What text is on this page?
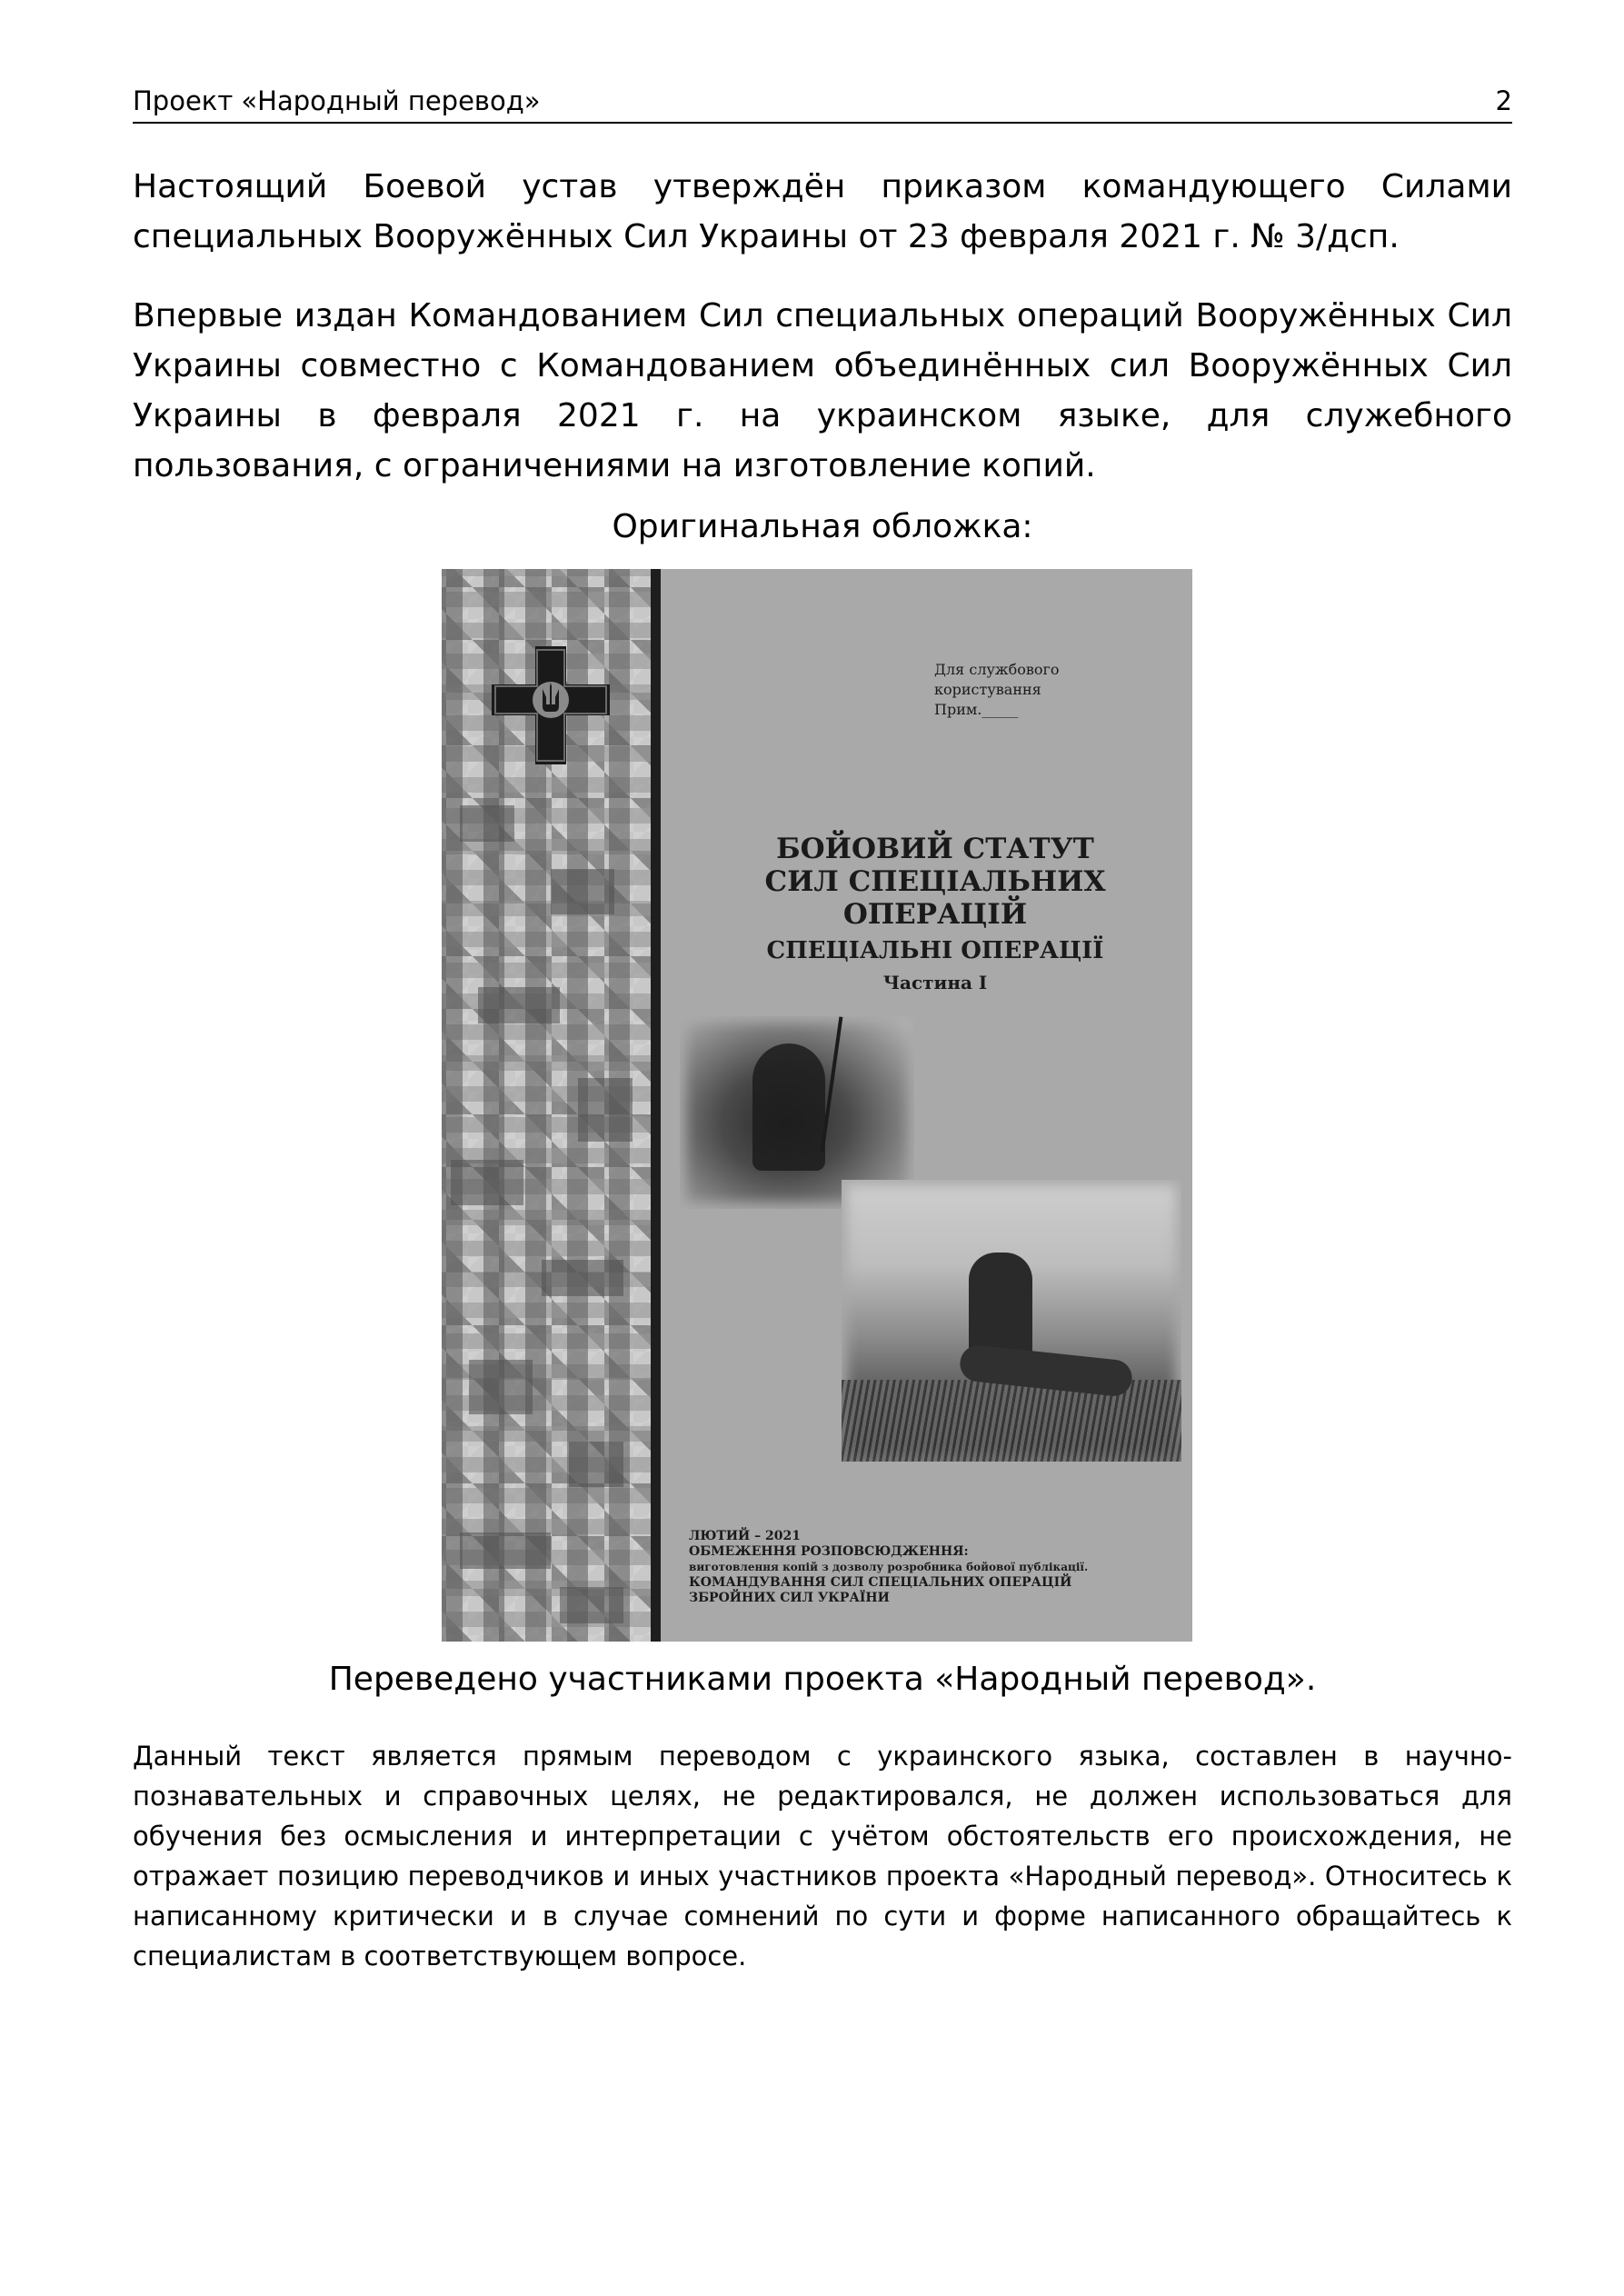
Проект «Народный перевод»	2

Настоящий Боевой устав утверждён приказом командующего Силами специальных Вооружённых Сил Украины от 23 февраля 2021 г. № 3/дсп.

Впервые издан Командованием Сил специальных операций Вооружённых Сил Украины совместно с Командованием объединённых сил Вооружённых Сил Украины в февраля 2021 г. на украинском языке, для служебного пользования, с ограничениями на изготовление копий.

Оригинальная обложка:

Для службового користування
Прим._____
БОЙОВИЙ СТАТУТ
СИЛ СПЕЦІАЛЬНИХ ОПЕРАЦІЙ
СПЕЦІАЛЬНІ ОПЕРАЦІЇ
Частина І
ЛЮТИЙ – 2021
ОБМЕЖЕННЯ РОЗПОВСЮДЖЕННЯ:
виготовлення копій з дозволу розробника бойової публікації.
КОМАНДУВАННЯ СИЛ СПЕЦІАЛЬНИХ ОПЕРАЦІЙ
ЗБРОЙНИХ СИЛ УКРАЇНИ

Переведено участниками проекта «Народный перевод».

Данный текст является прямым переводом с украинского языка, составлен в научно-познавательных и справочных целях, не редактировался, не должен использоваться для обучения без осмысления и интерпретации с учётом обстоятельств его происхождения, не отражает позицию переводчиков и иных участников проекта «Народный перевод». Относитесь к написанному критически и в случае сомнений по сути и форме написанного обращайтесь к специалистам в соответствующем вопросе.
